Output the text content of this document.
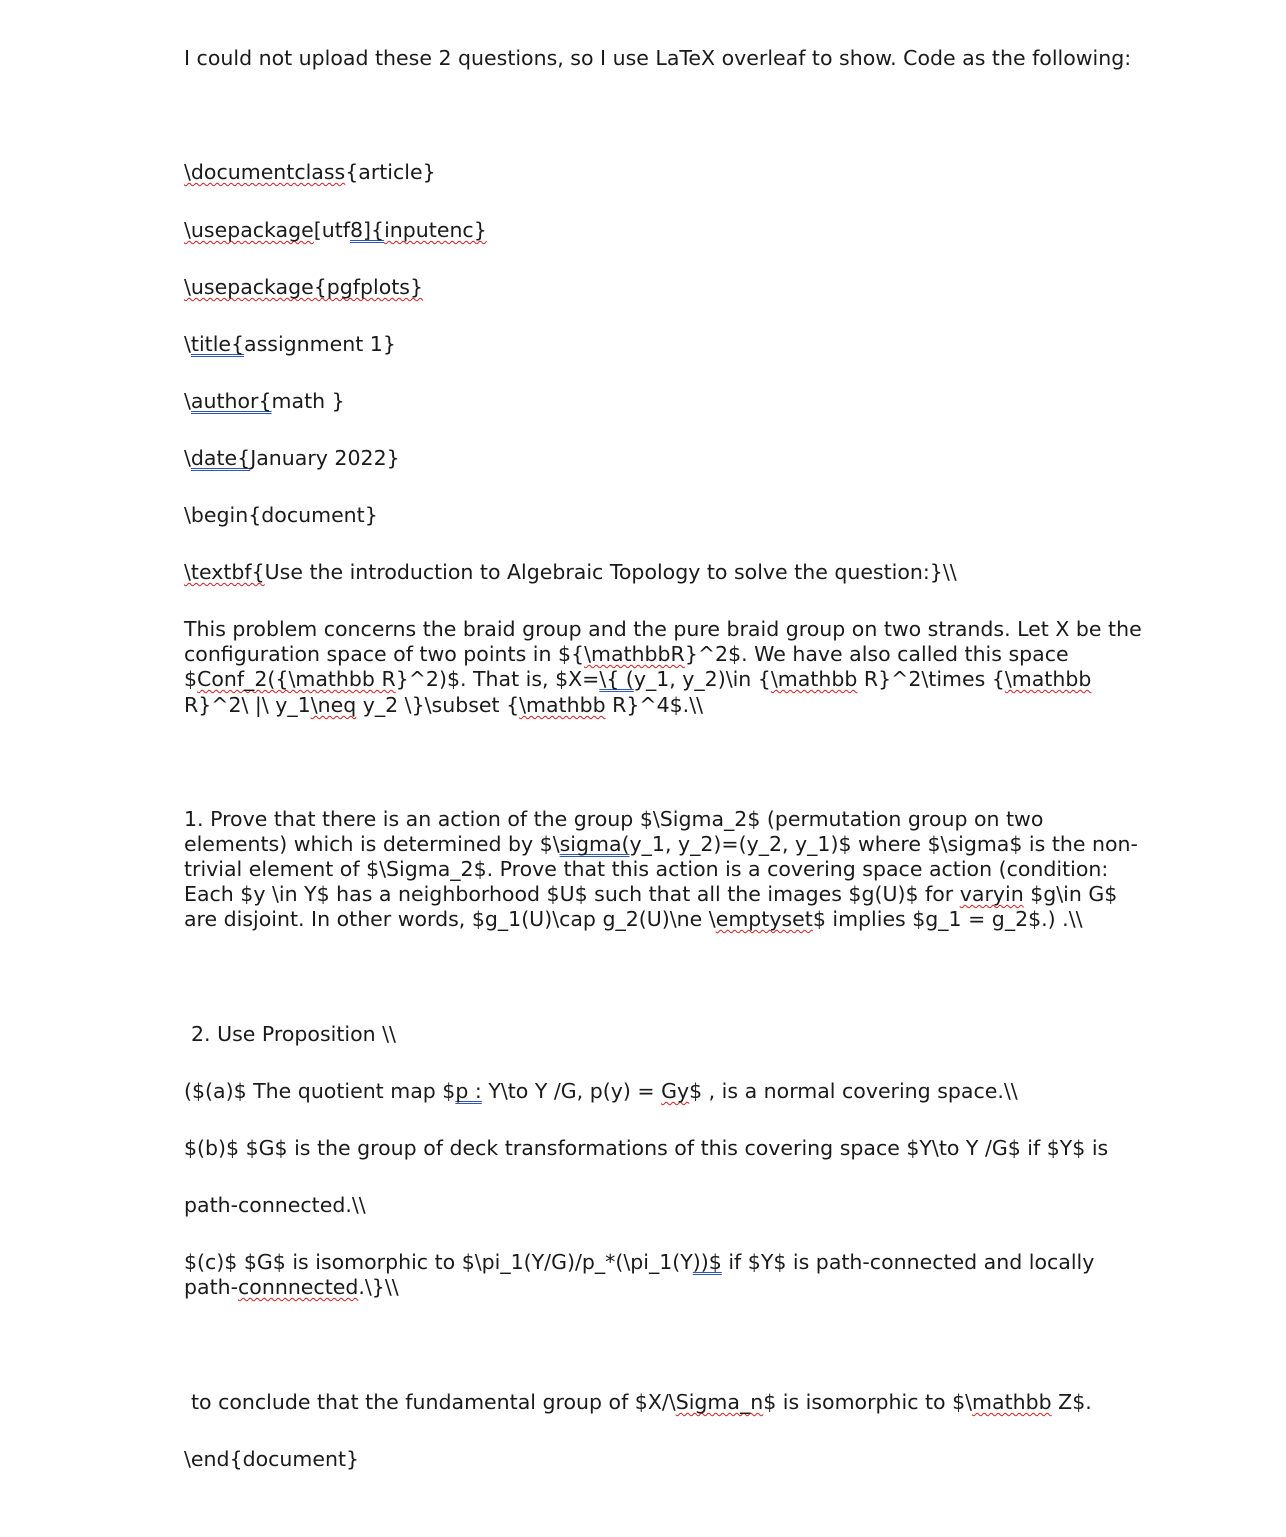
I could not upload these 2 questions, so I use LaTeX overleaf to show. Code as the following:

\documentclass{article}

\usepackage[utf8]{inputenc}

\usepackage{pgfplots}

\title{assignment 1}

\author{math }

\date{January 2022}

\begin{document}

\textbf{Use the introduction to Algebraic Topology to solve the question:}\\

This problem concerns the braid group and the pure braid group on two strands. Let X be the

configuration space of two points in ${\mathbbR}^2$. We have also called this space

$Conf_2({\mathbb R}^2)$. That is, $X=\{ (y_1, y_2)\in {\mathbb R}^2\times {\mathbb

R}^2\ |\ y_1\neq y_2 \}\subset {\mathbb R}^4$.\\

1. Prove that there is an action of the group $\Sigma_2$ (permutation group on two

elements) which is determined by $\sigma(y_1, y_2)=(y_2, y_1)$ where $\sigma$ is the non-

trivial element of $\Sigma_2$. Prove that this action is a covering space action (condition:

Each $y \in Y$ has a neighborhood $U$ such that all the images $g(U)$ for varyin $g\in G$

are disjoint. In other words, $g_1(U)\cap g_2(U)\ne \emptyset$ implies $g_1 = g_2$.) .\\

2. Use Proposition \\

($(a)$ The quotient map $p : Y\to Y /G, p(y) = Gy$ , is a normal covering space.\\

$(b)$ $G$ is the group of deck transformations of this covering space $Y\to Y /G$ if $Y$ is

path-connected.\\

$(c)$ $G$ is isomorphic to $\pi_1(Y/G)/p_*(\pi_1(Y))$ if $Y$ is path-connected and locally

path-connnected.\}\\

to conclude that the fundamental group of $X/\Sigma_n$ is isomorphic to $\mathbb Z$.

\end{document}
